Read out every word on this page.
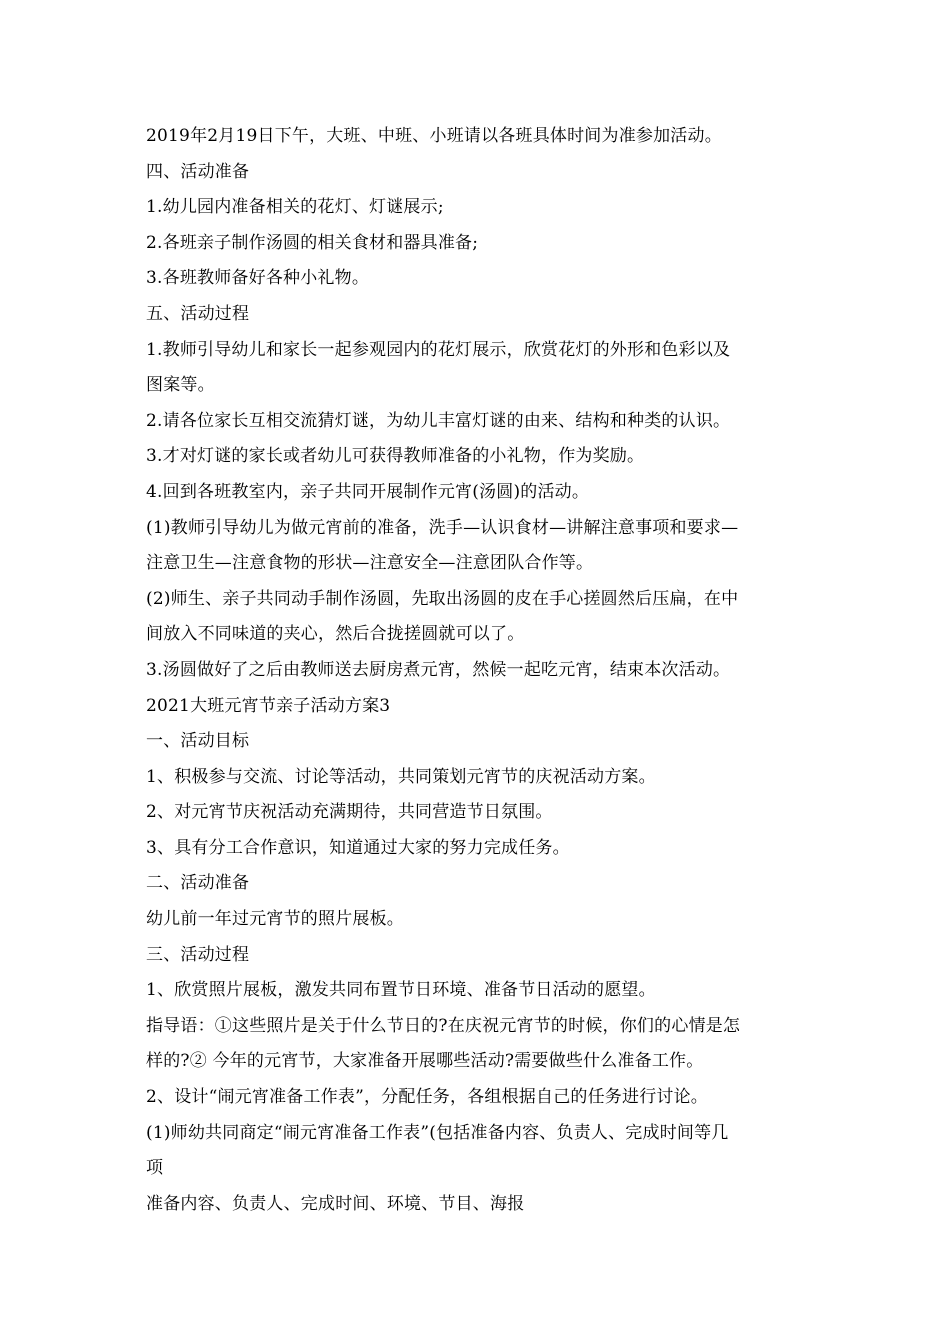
2019年2月19日下午，大班、中班、小班请以各班具体时间为准参加活动。
四、活动准备
1.幼儿园内准备相关的花灯、灯谜展示;
2.各班亲子制作汤圆的相关食材和器具准备;
3.各班教师备好各种小礼物。
五、活动过程
1.教师引导幼儿和家长一起参观园内的花灯展示，欣赏花灯的外形和色彩以及
图案等。
2.请各位家长互相交流猜灯谜，为幼儿丰富灯谜的由来、结构和种类的认识。
3.才对灯谜的家长或者幼儿可获得教师准备的小礼物，作为奖励。
4.回到各班教室内，亲子共同开展制作元宵(汤圆)的活动。
(1)教师引导幼儿为做元宵前的准备，洗手—认识食材—讲解注意事项和要求—
注意卫生—注意食物的形状—注意安全—注意团队合作等。
(2)师生、亲子共同动手制作汤圆，先取出汤圆的皮在手心搓圆然后压扁，在中
间放入不同味道的夹心，然后合拢搓圆就可以了。
3.汤圆做好了之后由教师送去厨房煮元宵，然候一起吃元宵，结束本次活动。
2021大班元宵节亲子活动方案3
一、活动目标
1、积极参与交流、讨论等活动，共同策划元宵节的庆祝活动方案。
2、对元宵节庆祝活动充满期待，共同营造节日氛围。
3、具有分工合作意识，知道通过大家的努力完成任务。
二、活动准备
幼儿前一年过元宵节的照片展板。
三、活动过程
1、欣赏照片展板，激发共同布置节日环境、准备节日活动的愿望。
指导语：①这些照片是关于什么节日的?在庆祝元宵节的时候，你们的心情是怎
样的?② 今年的元宵节，大家准备开展哪些活动?需要做些什么准备工作。
2、设计“闹元宵准备工作表”，分配任务，各组根据自己的任务进行讨论。
(1)师幼共同商定“闹元宵准备工作表”(包括准备内容、负责人、完成时间等几
项
准备内容、负责人、完成时间、环境、节目、海报
